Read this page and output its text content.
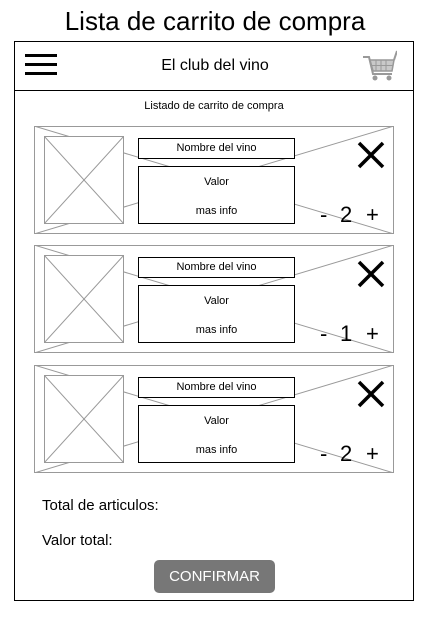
Lista de carrito de compra
El club del vino
Listado de carrito de compra
Nombre del vino
Valor
mas info	- 2 +
Nombre del vino
Valor
mas info	- 1 +
Nombre del vino
Valor
mas info	- 2 +
Total de articulos:
Valor total:
CONFIRMAR
